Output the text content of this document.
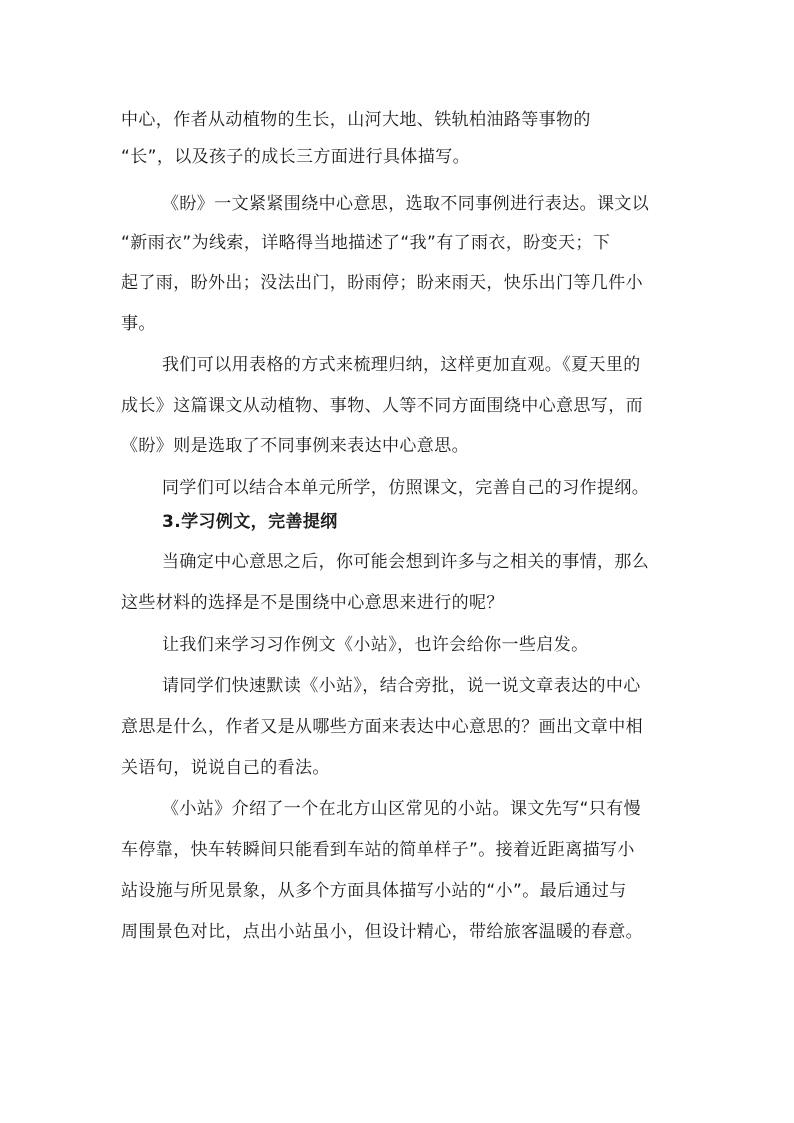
中心，作者从动植物的生长，山河大地、铁轨柏油路等事物的
“长”，以及孩子的成长三方面进行具体描写。
《盼》一文紧紧围绕中心意思，选取不同事例进行表达。课文以
“新雨衣”为线索，详略得当地描述了“我”有了雨衣，盼变天；下
起了雨，盼外出；没法出门，盼雨停；盼来雨天，快乐出门等几件小
事。
我们可以用表格的方式来梳理归纳，这样更加直观。《夏天里的
成长》这篇课文从动植物、事物、人等不同方面围绕中心意思写，而
《盼》则是选取了不同事例来表达中心意思。
同学们可以结合本单元所学，仿照课文，完善自己的习作提纲。
3.学习例文，完善提纲
当确定中心意思之后，你可能会想到许多与之相关的事情，那么
这些材料的选择是不是围绕中心意思来进行的呢？
让我们来学习习作例文《小站》，也许会给你一些启发。
请同学们快速默读《小站》，结合旁批，说一说文章表达的中心
意思是什么，作者又是从哪些方面来表达中心意思的？画出文章中相
关语句，说说自己的看法。
《小站》介绍了一个在北方山区常见的小站。课文先写“只有慢
车停靠，快车转瞬间只能看到车站的简单样子”。接着近距离描写小
站设施与所见景象，从多个方面具体描写小站的“小”。最后通过与
周围景色对比，点出小站虽小，但设计精心，带给旅客温暖的春意。
